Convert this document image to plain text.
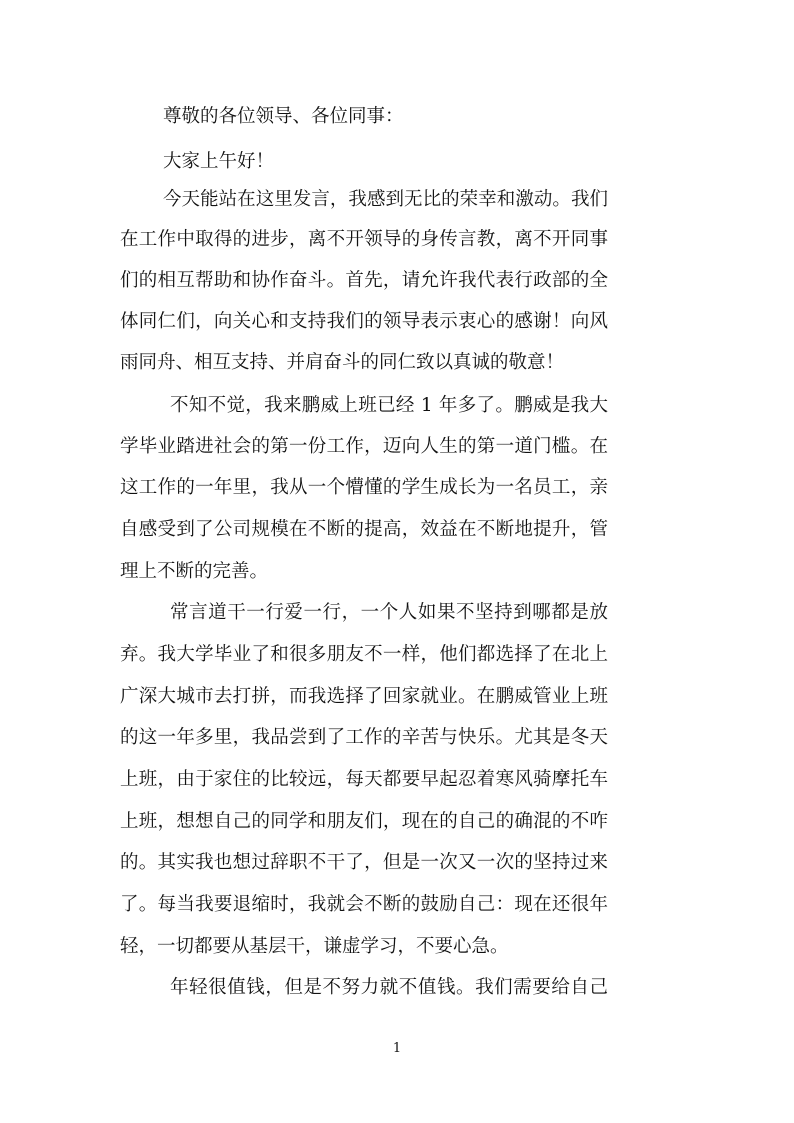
尊敬的各位领导、各位同事：
大家上午好！
今天能站在这里发言，我感到无比的荣幸和激动。我们
在工作中取得的进步，离不开领导的身传言教，离不开同事
们的相互帮助和协作奋斗。首先，请允许我代表行政部的全
体同仁们，向关心和支持我们的领导表示衷心的感谢！向风
雨同舟、相互支持、并肩奋斗的同仁致以真诚的敬意！
不知不觉，我来鹏威上班已经 1 年多了。鹏威是我大
学毕业踏进社会的第一份工作，迈向人生的第一道门槛。在
这工作的一年里，我从一个懵懂的学生成长为一名员工，亲
自感受到了公司规模在不断的提高，效益在不断地提升，管
理上不断的完善。
常言道干一行爱一行，一个人如果不坚持到哪都是放
弃。我大学毕业了和很多朋友不一样，他们都选择了在北上
广深大城市去打拼，而我选择了回家就业。在鹏威管业上班
的这一年多里，我品尝到了工作的辛苦与快乐。尤其是冬天
上班，由于家住的比较远，每天都要早起忍着寒风骑摩托车
上班，想想自己的同学和朋友们，现在的自己的确混的不咋
的。其实我也想过辞职不干了，但是一次又一次的坚持过来
了。每当我要退缩时，我就会不断的鼓励自己：现在还很年
轻，一切都要从基层干，谦虚学习，不要心急。
年轻很值钱，但是不努力就不值钱。我们需要给自己
1
